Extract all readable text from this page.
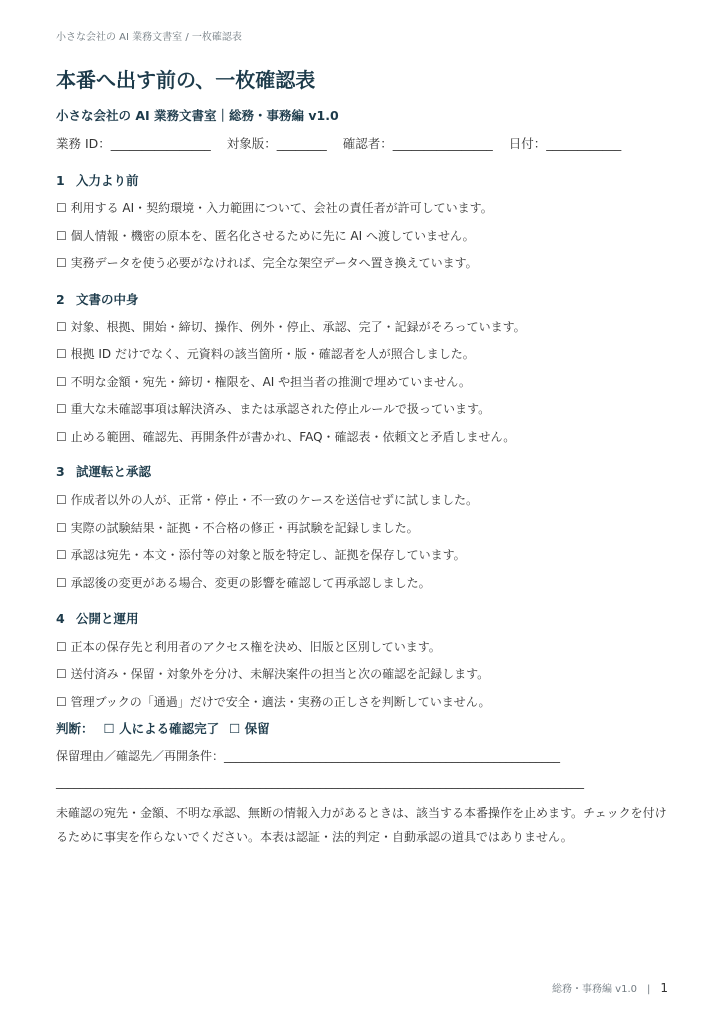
小さな会社の AI 業務文書室 / 一枚確認表
本番へ出す前の、一枚確認表
小さな会社の AI 業務文書室｜総務・事務編 v1.0
業務 ID：________________ 対象版：________ 確認者：________________ 日付：____________
1 入力より前
☐ 利用する AI・契約環境・入力範囲について、会社の責任者が許可しています。
☐ 個人情報・機密の原本を、匿名化させるために先に AI へ渡していません。
☐ 実務データを使う必要がなければ、完全な架空データへ置き換えています。
2 文書の中身
☐ 対象、根拠、開始・締切、操作、例外・停止、承認、完了・記録がそろっています。
☐ 根拠 ID だけでなく、元資料の該当箇所・版・確認者を人が照合しました。
☐ 不明な金額・宛先・締切・権限を、AI や担当者の推測で埋めていません。
☐ 重大な未確認事項は解決済み、または承認された停止ルールで扱っています。
☐ 止める範囲、確認先、再開条件が書かれ、FAQ・確認表・依頼文と矛盾しません。
3 試運転と承認
☐ 作成者以外の人が、正常・停止・不一致のケースを送信せずに試しました。
☐ 実際の試験結果・証拠・不合格の修正・再試験を記録しました。
☐ 承認は宛先・本文・添付等の対象と版を特定し、証拠を保存しています。
☐ 承認後の変更がある場合、変更の影響を確認して再承認しました。
4 公開と運用
☐ 正本の保存先と利用者のアクセス権を決め、旧版と区別しています。
☐ 送付済み・保留・対象外を分け、未解決案件の担当と次の確認を記録します。
☐ 管理ブックの「通過」だけで安全・適法・実務の正しさを判断していません。
判断： ☐ 人による確認完了 ☐ 保留
保留理由／確認先／再開条件：________________________________________________________
________________________________________________________________________________________
未確認の宛先・金額、不明な承認、無断の情報入力があるときは、該当する本番操作を止めます。チェックを付けるために事実を作らないでください。本表は認証・法的判定・自動承認の道具ではありません。
総務・事務編 v1.0 | 1
